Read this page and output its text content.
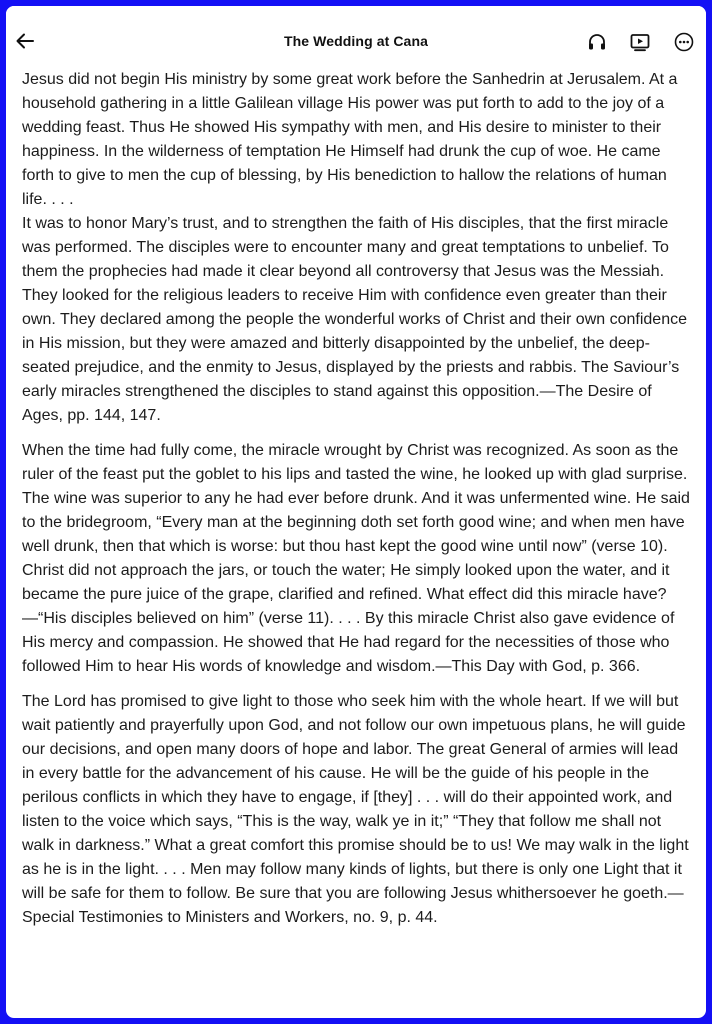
The Wedding at Cana

Jesus did not begin His ministry by some great work before the Sanhedrin at Jerusalem. At a household gathering in a little Galilean village His power was put forth to add to the joy of a wedding feast. Thus He showed His sympathy with men, and His desire to minister to their happiness. In the wilderness of temptation He Himself had drunk the cup of woe. He came forth to give to men the cup of blessing, by His benediction to hallow the relations of human life. . . .

It was to honor Mary’s trust, and to strengthen the faith of His disciples, that the first miracle was performed. The disciples were to encounter many and great temptations to unbelief. To them the prophecies had made it clear beyond all controversy that Jesus was the Messiah. They looked for the religious leaders to receive Him with confidence even greater than their own. They declared among the people the wonderful works of Christ and their own confidence in His mission, but they were amazed and bitterly disappointed by the unbelief, the deep-seated prejudice, and the enmity to Jesus, displayed by the priests and rabbis. The Saviour’s early miracles strengthened the disciples to stand against this opposition.—The Desire of Ages, pp. 144, 147.

When the time had fully come, the miracle wrought by Christ was recognized. As soon as the ruler of the feast put the goblet to his lips and tasted the wine, he looked up with glad surprise. The wine was superior to any he had ever before drunk. And it was unfermented wine. He said to the bridegroom, “Every man at the beginning doth set forth good wine; and when men have well drunk, then that which is worse: but thou hast kept the good wine until now” (verse 10).

Christ did not approach the jars, or touch the water; He simply looked upon the water, and it became the pure juice of the grape, clarified and refined. What effect did this miracle have?—“His disciples believed on him” (verse 11). . . . By this miracle Christ also gave evidence of His mercy and compassion. He showed that He had regard for the necessities of those who followed Him to hear His words of knowledge and wisdom.—This Day with God, p. 366.

The Lord has promised to give light to those who seek him with the whole heart. If we will but wait patiently and prayerfully upon God, and not follow our own impetuous plans, he will guide our decisions, and open many doors of hope and labor. The great General of armies will lead in every battle for the advancement of his cause. He will be the guide of his people in the perilous conflicts in which they have to engage, if [they] . . . will do their appointed work, and listen to the voice which says, “This is the way, walk ye in it;” “They that follow me shall not walk in darkness.” What a great comfort this promise should be to us! We may walk in the light as he is in the light. . . . Men may follow many kinds of lights, but there is only one Light that it will be safe for them to follow. Be sure that you are following Jesus whithersoever he goeth.—Special Testimonies to Ministers and Workers, no. 9, p. 44.
